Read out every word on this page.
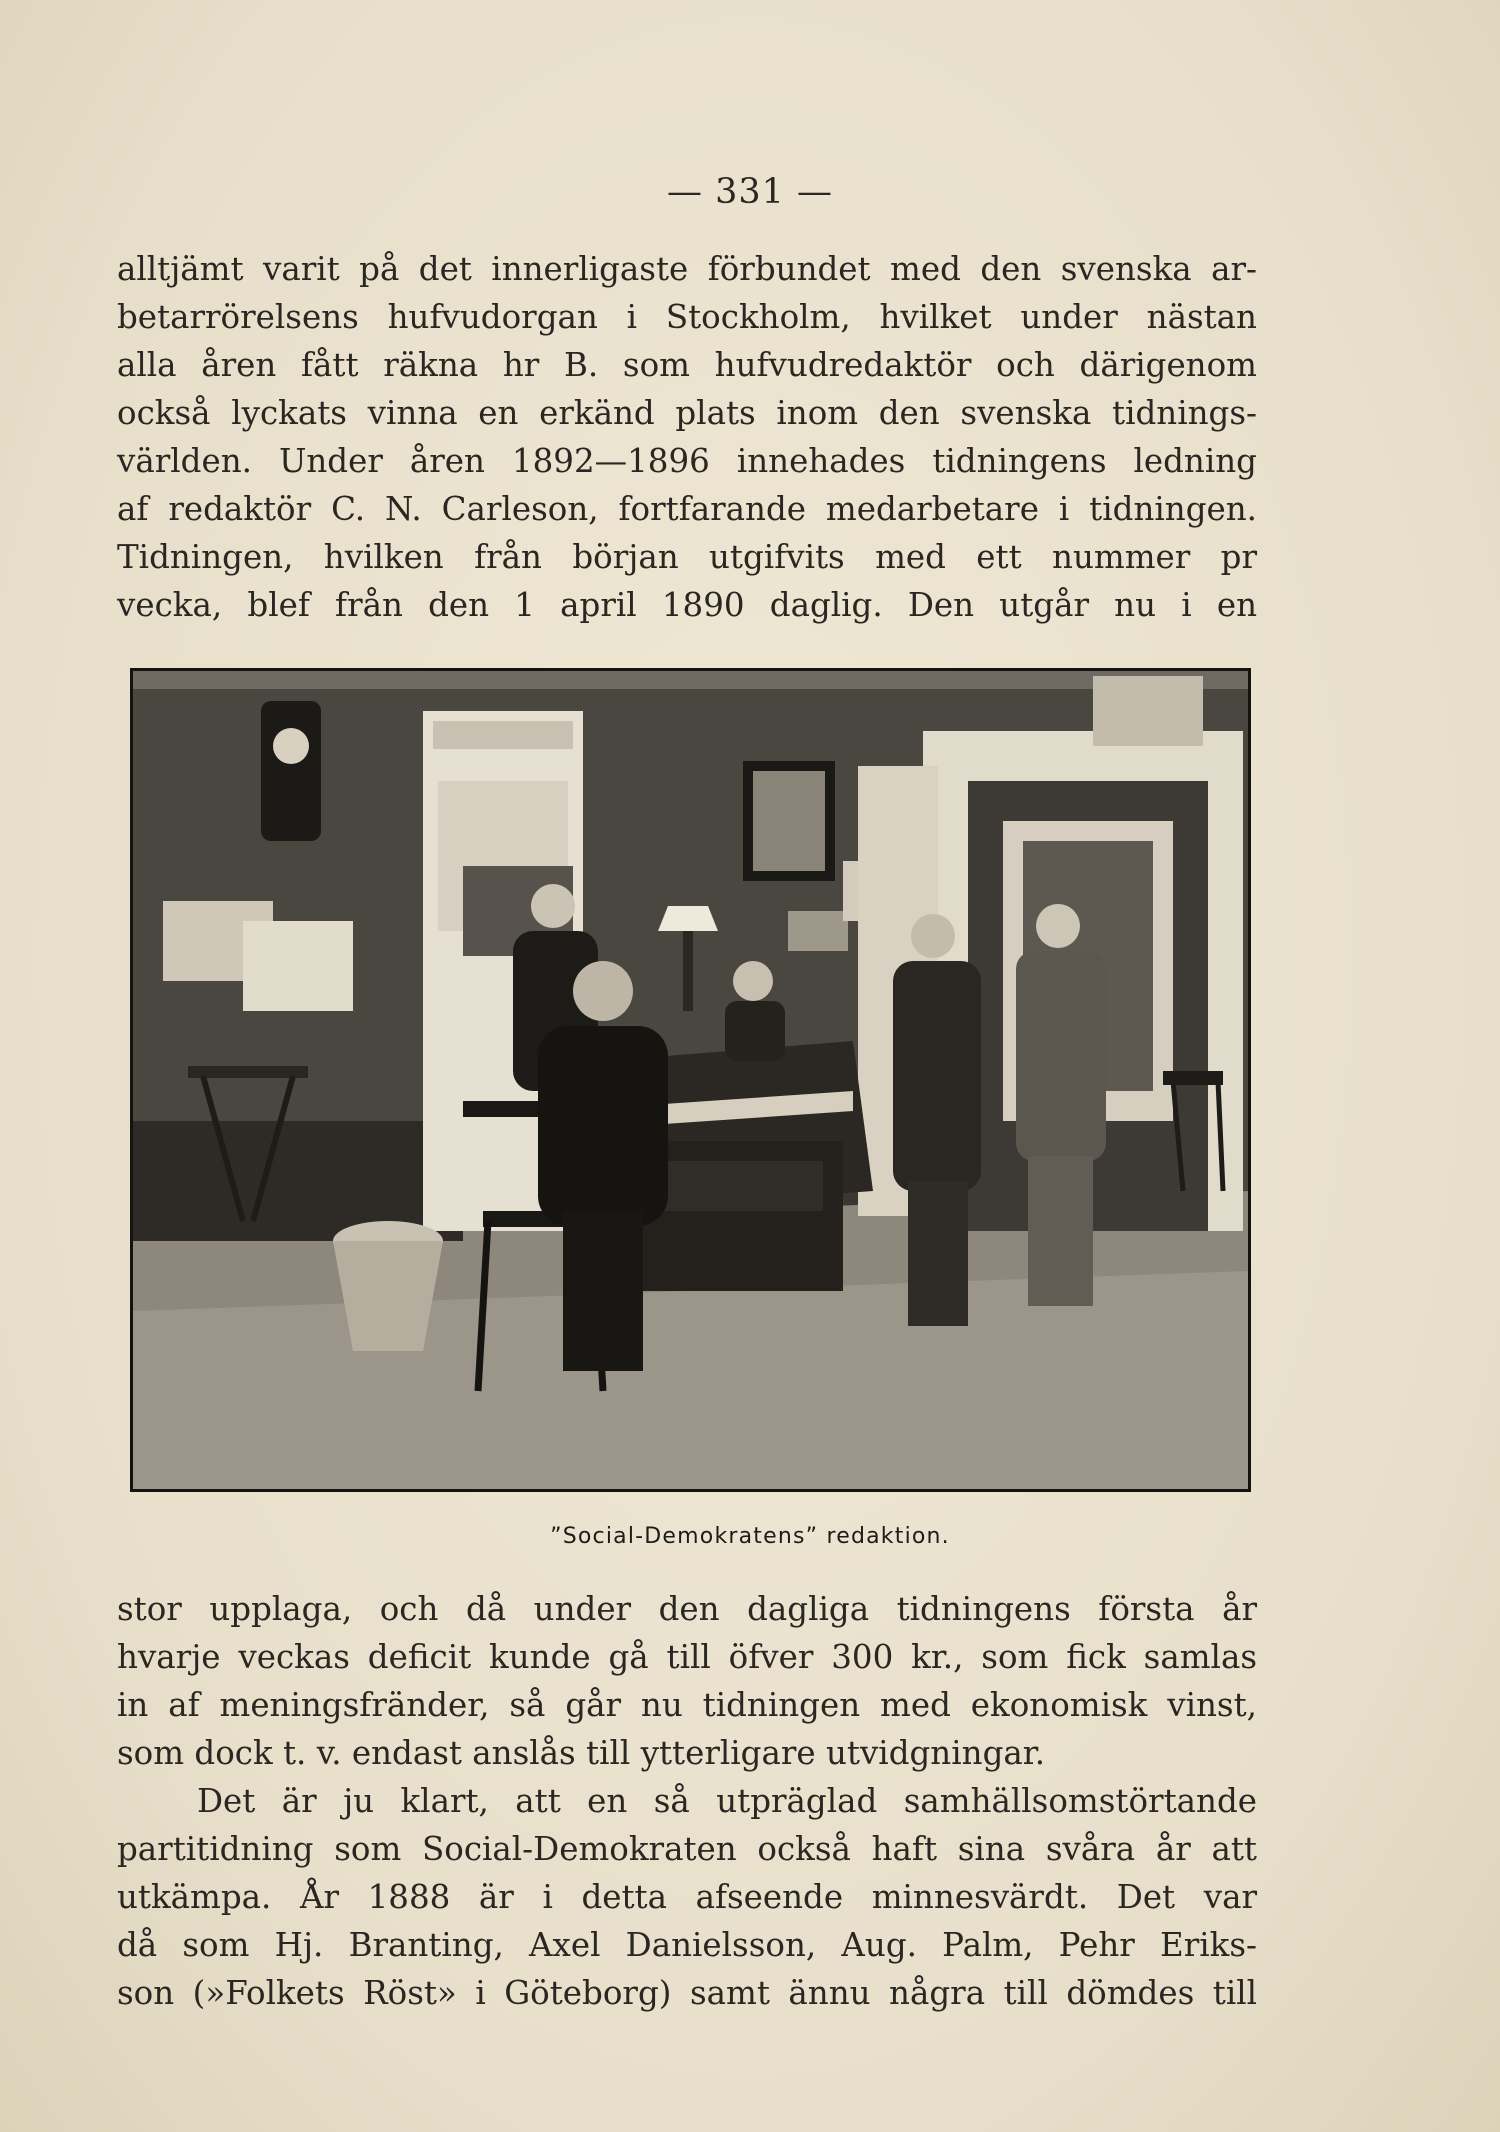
— 331 —
alltjämt varit på det innerligaste förbundet med den svenska ar-
betarrörelsens hufvudorgan i Stockholm, hvilket under nästan
alla åren fått räkna hr B. som hufvudredaktör och därigenom
också lyckats vinna en erkänd plats inom den svenska tidnings-
världen. Under åren 1892—1896 innehades tidningens ledning
af redaktör C. N. Carleson, fortfarande medarbetare i tidningen.
Tidningen, hvilken från början utgifvits med ett nummer pr
vecka, blef från den 1 april 1890 daglig. Den utgår nu i en
”Social-Demokratens” redaktion.
stor upplaga, och då under den dagliga tidningens första år
hvarje veckas deficit kunde gå till öfver 300 kr., som fick samlas
in af meningsfränder, så går nu tidningen med ekonomisk vinst,
som dock t. v. endast anslås till ytterligare utvidgningar.
Det är ju klart, att en så utpräglad samhällsomstörtande
partitidning som Social-Demokraten också haft sina svåra år att
utkämpa. År 1888 är i detta afseende minnesvärdt. Det var
då som Hj. Branting, Axel Danielsson, Aug. Palm, Pehr Eriks-
son (»Folkets Röst» i Göteborg) samt ännu några till dömdes till
